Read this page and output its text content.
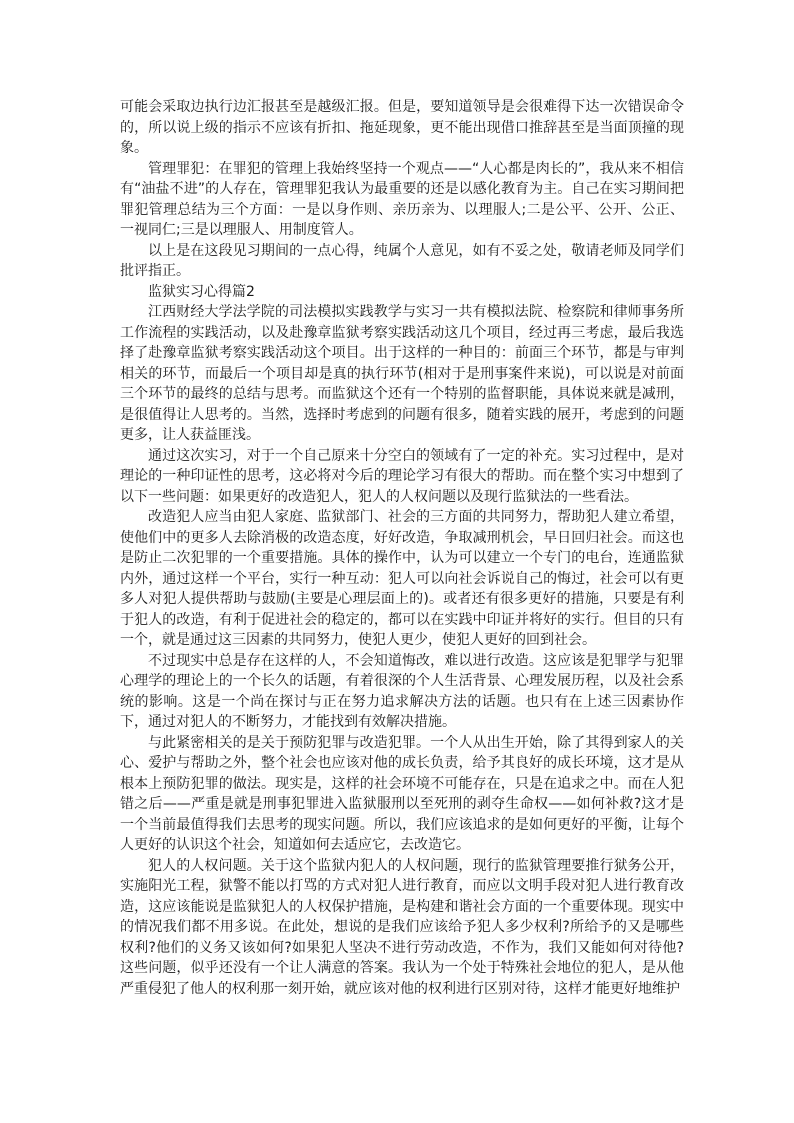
可能会采取边执行边汇报甚至是越级汇报。但是，要知道领导是会很难得下达一次错误命令的，所以说上级的指示不应该有折扣、拖延现象，更不能出现借口推辞甚至是当面顶撞的现象。

管理罪犯：在罪犯的管理上我始终坚持一个观点——“人心都是肉长的”，我从来不相信有“油盐不进”的人存在，管理罪犯我认为最重要的还是以感化教育为主。自己在实习期间把罪犯管理总结为三个方面：一是以身作则、亲历亲为、以理服人;二是公平、公开、公正、一视同仁;三是以理服人、用制度管人。

以上是在这段见习期间的一点心得，纯属个人意见，如有不妥之处，敬请老师及同学们批评指正。

监狱实习心得篇2

江西财经大学法学院的司法模拟实践教学与实习一共有模拟法院、检察院和律师事务所工作流程的实践活动，以及赴豫章监狱考察实践活动这几个项目，经过再三考虑，最后我选择了赴豫章监狱考察实践活动这个项目。出于这样的一种目的：前面三个环节，都是与审判相关的环节，而最后一个项目却是真的执行环节(相对于是刑事案件来说)，可以说是对前面三个环节的最终的总结与思考。而监狱这个还有一个特别的监督职能，具体说来就是减刑，是很值得让人思考的。当然，选择时考虑到的问题有很多，随着实践的展开，考虑到的问题更多，让人获益匪浅。

通过这次实习，对于一个自己原来十分空白的领域有了一定的补充。实习过程中，是对理论的一种印证性的思考，这必将对今后的理论学习有很大的帮助。而在整个实习中想到了以下一些问题：如果更好的改造犯人，犯人的人权问题以及现行监狱法的一些看法。

改造犯人应当由犯人家庭、监狱部门、社会的三方面的共同努力，帮助犯人建立希望，使他们中的更多人去除消极的改造态度，好好改造，争取减刑机会，早日回归社会。而这也是防止二次犯罪的一个重要措施。具体的操作中，认为可以建立一个专门的电台，连通监狱内外，通过这样一个平台，实行一种互动：犯人可以向社会诉说自己的悔过，社会可以有更多人对犯人提供帮助与鼓励(主要是心理层面上的)。或者还有很多更好的措施，只要是有利于犯人的改造，有利于促进社会的稳定的，都可以在实践中印证并将好的实行。但目的只有一个，就是通过这三因素的共同努力，使犯人更少，使犯人更好的回到社会。

不过现实中总是存在这样的人，不会知道悔改，难以进行改造。这应该是犯罪学与犯罪心理学的理论上的一个长久的话题，有着很深的个人生活背景、心理发展历程，以及社会系统的影响。这是一个尚在探讨与正在努力追求解决方法的话题。也只有在上述三因素协作下，通过对犯人的不断努力，才能找到有效解决措施。

与此紧密相关的是关于预防犯罪与改造犯罪。一个人从出生开始，除了其得到家人的关心、爱护与帮助之外，整个社会也应该对他的成长负责，给予其良好的成长环境，这才是从根本上预防犯罪的做法。现实是，这样的社会环境不可能存在，只是在追求之中。而在人犯错之后——严重是就是刑事犯罪进入监狱服刑以至死刑的剥夺生命权——如何补救?这才是一个当前最值得我们去思考的现实问题。所以，我们应该追求的是如何更好的平衡，让每个人更好的认识这个社会，知道如何去适应它，去改造它。

犯人的人权问题。关于这个监狱内犯人的人权问题，现行的监狱管理要推行狱务公开，实施阳光工程，狱警不能以打骂的方式对犯人进行教育，而应以文明手段对犯人进行教育改造，这应该能说是监狱犯人的人权保护措施，是构建和谐社会方面的一个重要体现。现实中的情况我们都不用多说。在此处，想说的是我们应该给予犯人多少权利?所给予的又是哪些权利?他们的义务又该如何?如果犯人坚决不进行劳动改造，不作为，我们又能如何对待他?这些问题，似乎还没有一个让人满意的答案。我认为一个处于特殊社会地位的犯人，是从他严重侵犯了他人的权利那一刻开始，就应该对他的权利进行区别对待，这样才能更好地维护
